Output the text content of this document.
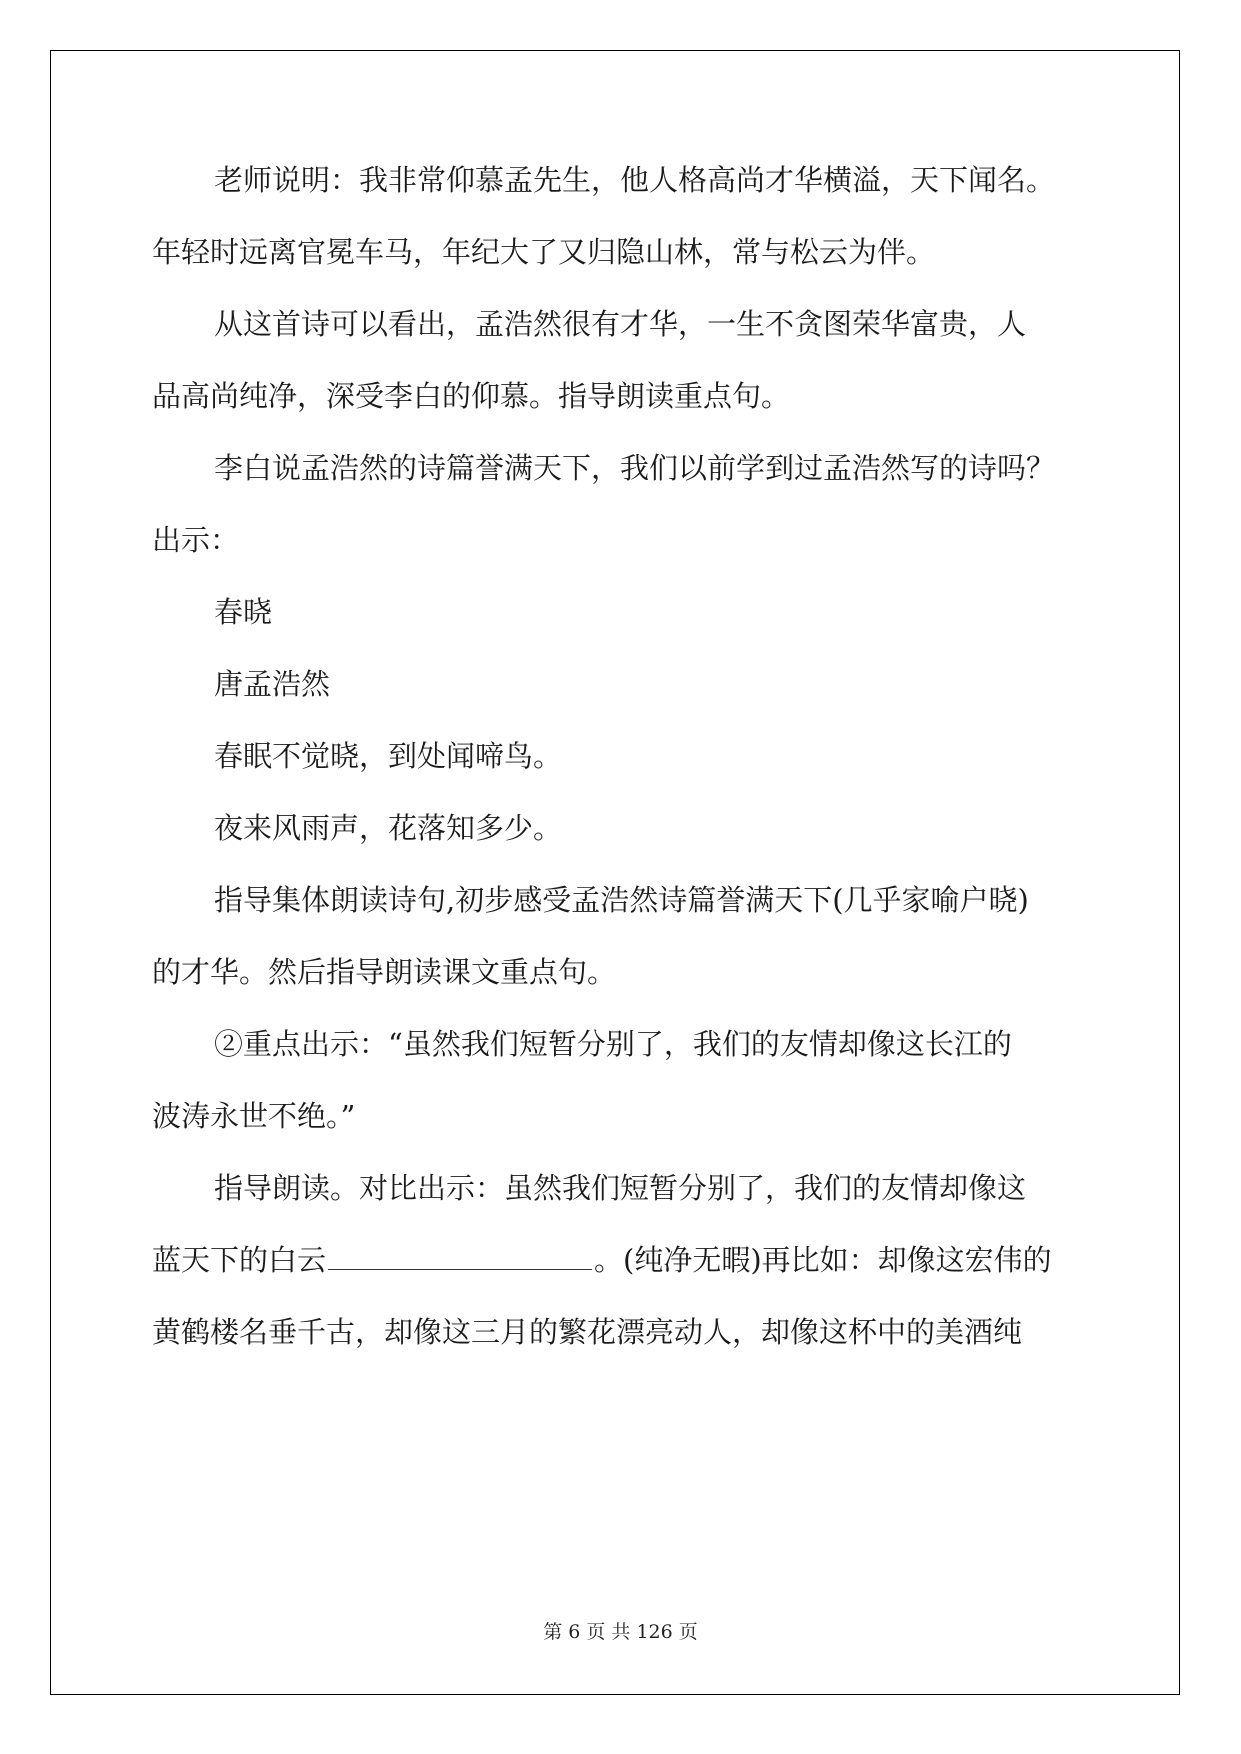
老师说明：我非常仰慕孟先生，他人格高尚才华横溢，天下闻名。
年轻时远离官冕车马，年纪大了又归隐山林，常与松云为伴。
从这首诗可以看出，孟浩然很有才华，一生不贪图荣华富贵，人
品高尚纯净，深受李白的仰慕。指导朗读重点句。
李白说孟浩然的诗篇誉满天下，我们以前学到过孟浩然写的诗吗？
出示：
春晓
唐孟浩然
春眠不觉晓，到处闻啼鸟。
夜来风雨声，花落知多少。
指导集体朗读诗句,初步感受孟浩然诗篇誉满天下(几乎家喻户晓)
的才华。然后指导朗读课文重点句。
②重点出示：“虽然我们短暂分别了，我们的友情却像这长江的
波涛永世不绝。”
指导朗读。对比出示：虽然我们短暂分别了，我们的友情却像这
蓝天下的白云	。(纯净无暇)再比如：却像这宏伟的
黄鹤楼名垂千古，却像这三月的繁花漂亮动人，却像这杯中的美酒纯
第 6 页 共 126 页
